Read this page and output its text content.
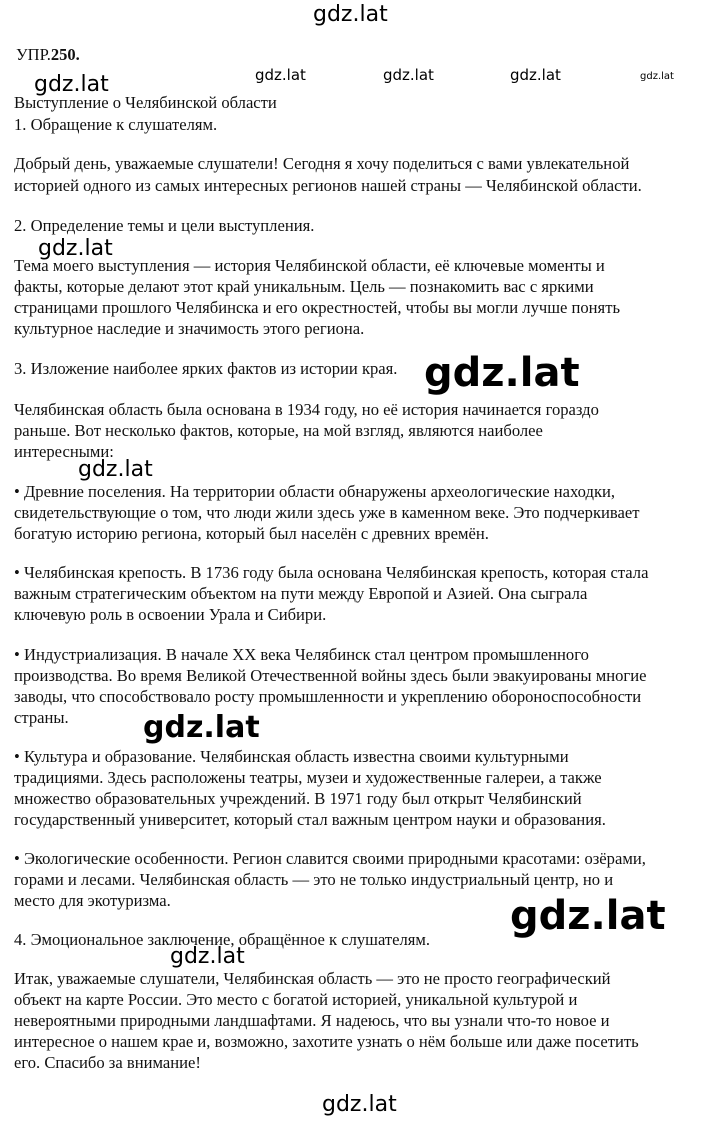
УПР.250.
Выступление о Челябинской области
1. Обращение к слушателям.
Добрый день, уважаемые слушатели! Сегодня я хочу поделиться с вами увлекательной
историей одного из самых интересных регионов нашей страны — Челябинской области.
2. Определение темы и цели выступления.
Тема моего выступления — история Челябинской области, её ключевые моменты и
факты, которые делают этот край уникальным. Цель — познакомить вас с яркими
страницами прошлого Челябинска и его окрестностей, чтобы вы могли лучше понять
культурное наследие и значимость этого региона.
3. Изложение наиболее ярких фактов из истории края.
Челябинская область была основана в 1934 году, но её история начинается гораздо
раньше. Вот несколько фактов, которые, на мой взгляд, являются наиболее
интересными:
• Древние поселения. На территории области обнаружены археологические находки,
свидетельствующие о том, что люди жили здесь уже в каменном веке. Это подчеркивает
богатую историю региона, который был населён с древних времён.
• Челябинская крепость. В 1736 году была основана Челябинская крепость, которая стала
важным стратегическим объектом на пути между Европой и Азией. Она сыграла
ключевую роль в освоении Урала и Сибири.
• Индустриализация. В начале XX века Челябинск стал центром промышленного
производства. Во время Великой Отечественной войны здесь были эвакуированы многие
заводы, что способствовало росту промышленности и укреплению обороноспособности
страны.
• Культура и образование. Челябинская область известна своими культурными
традициями. Здесь расположены театры, музеи и художественные галереи, а также
множество образовательных учреждений. В 1971 году был открыт Челябинский
государственный университет, который стал важным центром науки и образования.
• Экологические особенности. Регион славится своими природными красотами: озёрами,
горами и лесами. Челябинская область — это не только индустриальный центр, но и
место для экотуризма.
4. Эмоциональное заключение, обращённое к слушателям.
Итак, уважаемые слушатели, Челябинская область — это не просто географический
объект на карте России. Это место с богатой историей, уникальной культурой и
невероятными природными ландшафтами. Я надеюсь, что вы узнали что-то новое и
интересное о нашем крае и, возможно, захотите узнать о нём больше или даже посетить
его. Спасибо за внимание!
gdz.lat
gdz.lat	gdz.lat	gdz.lat	gdz.lat	gdz.lat
gdz.lat
gdz.lat
gdz.lat
gdz.lat
gdz.lat
gdz.lat
gdz.lat
